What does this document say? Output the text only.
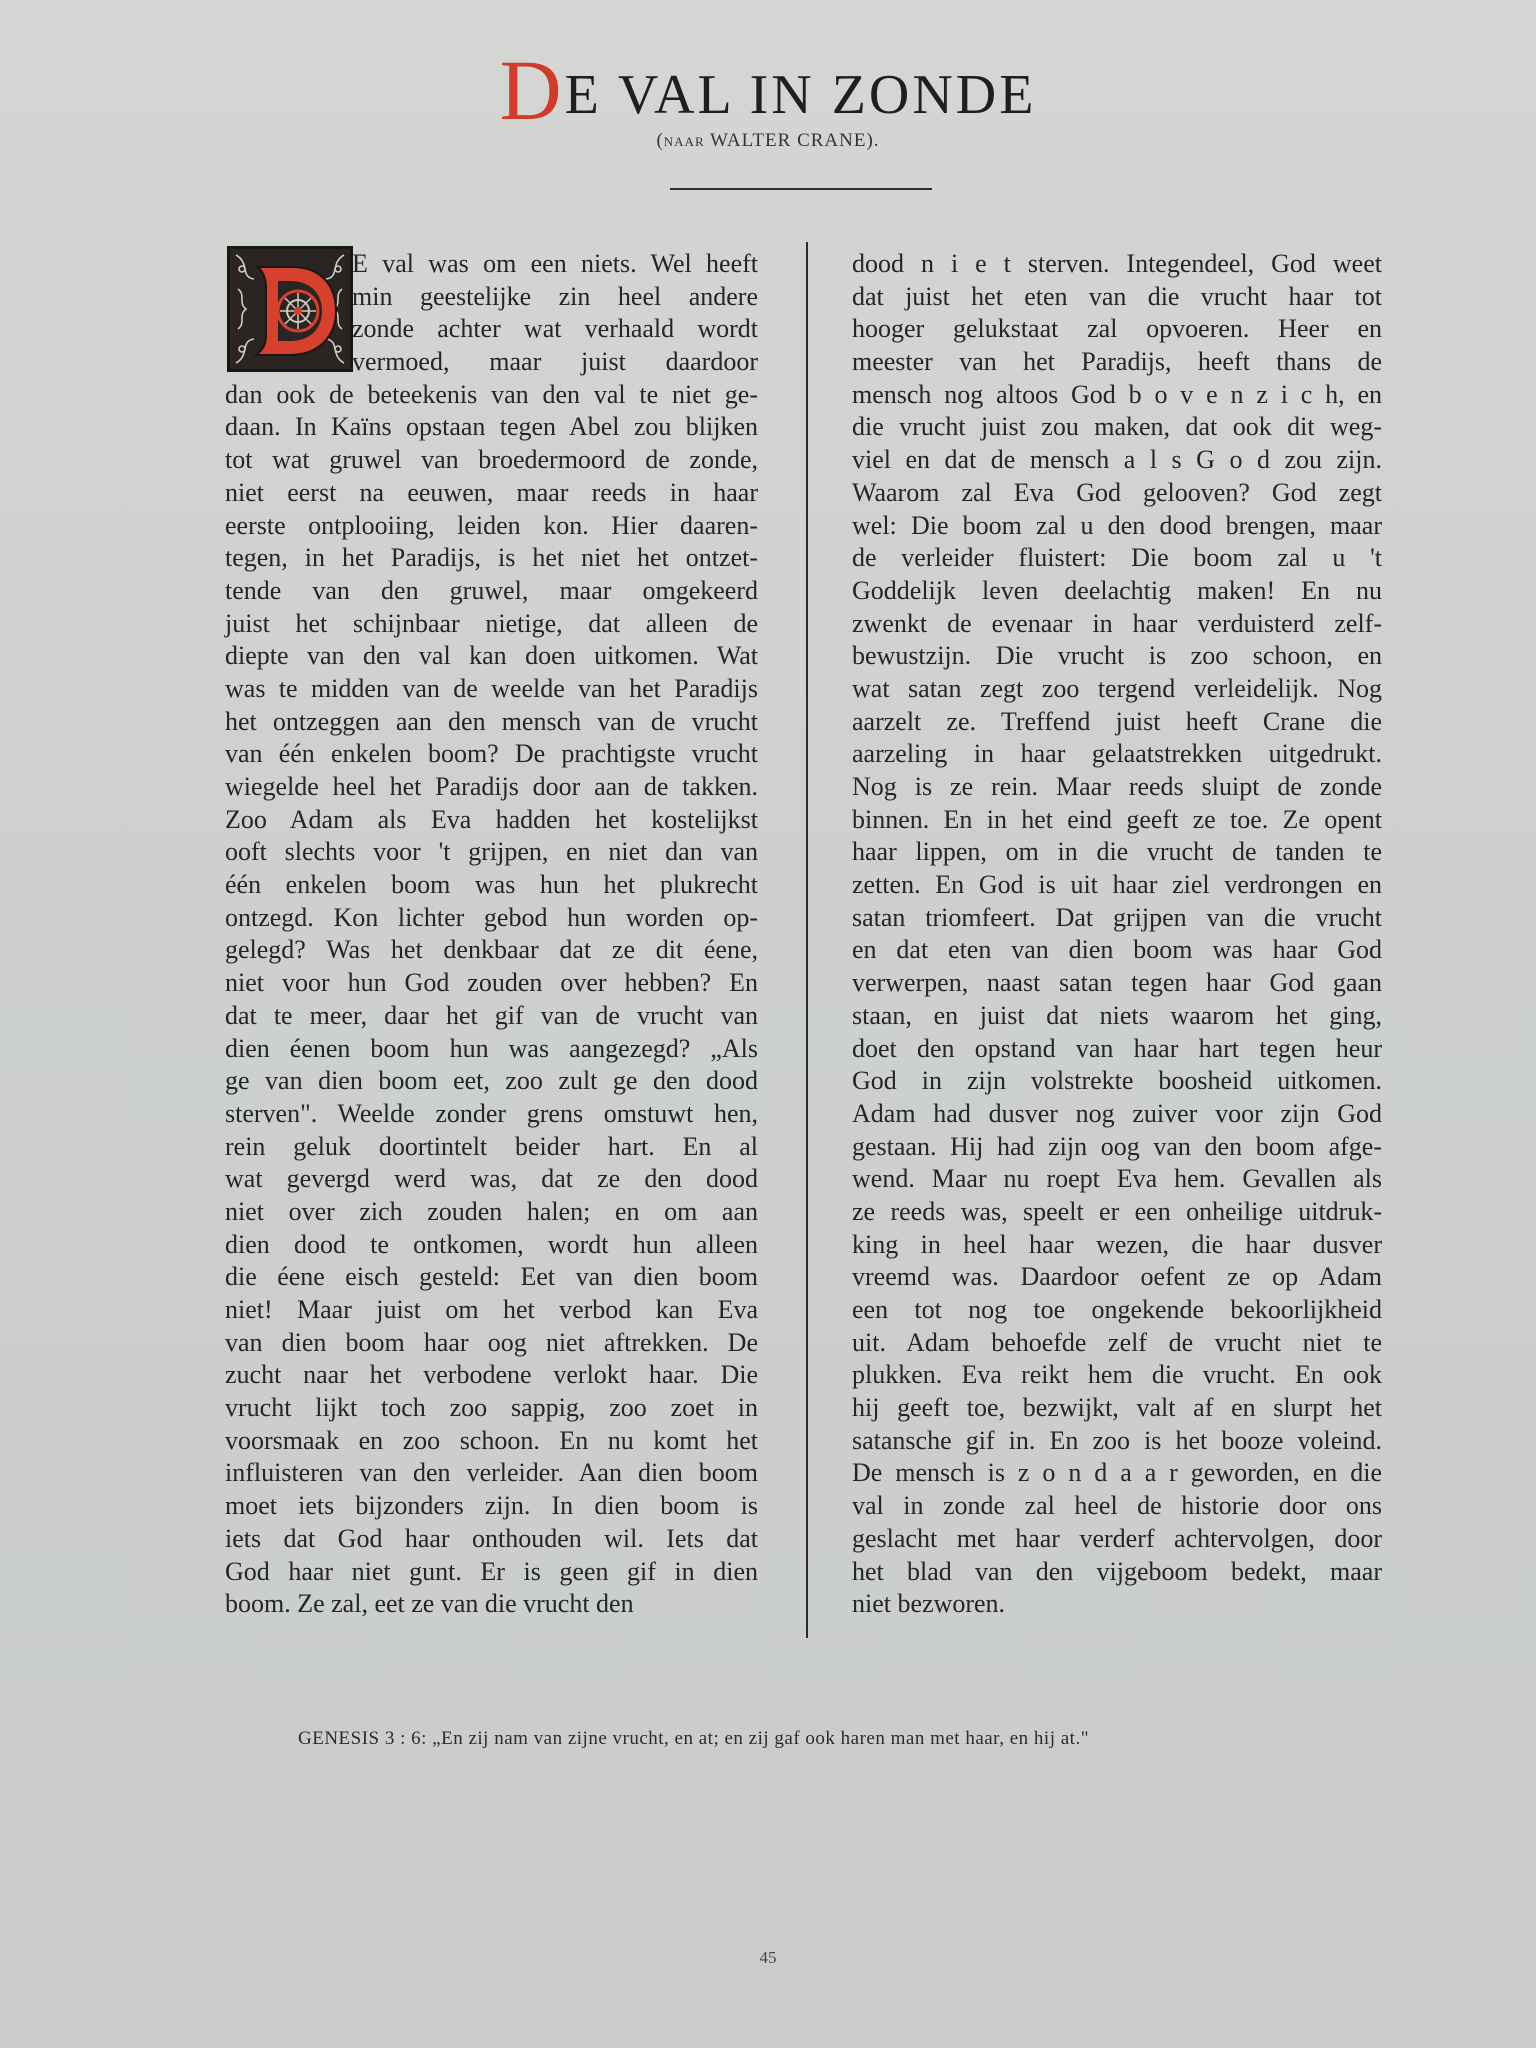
DE VAL IN ZONDE
(naar WALTER CRANE).
E val was om een niets. Wel heeft
min geestelijke zin heel andere
zonde achter wat verhaald wordt
vermoed, maar juist daardoor
dan ook de beteekenis van den val te niet ge-
daan. In Kaïns opstaan tegen Abel zou blijken
tot wat gruwel van broedermoord de zonde,
niet eerst na eeuwen, maar reeds in haar
eerste ontplooiing, leiden kon. Hier daaren-
tegen, in het Paradijs, is het niet het ontzet-
tende van den gruwel, maar omgekeerd
juist het schijnbaar nietige, dat alleen de
diepte van den val kan doen uitkomen. Wat
was te midden van de weelde van het Paradijs
het ontzeggen aan den mensch van de vrucht
van één enkelen boom? De prachtigste vrucht
wiegelde heel het Paradijs door aan de takken.
Zoo Adam als Eva hadden het kostelijkst
ooft slechts voor 't grijpen, en niet dan van
één enkelen boom was hun het plukrecht
ontzegd. Kon lichter gebod hun worden op-
gelegd? Was het denkbaar dat ze dit éene,
niet voor hun God zouden over hebben? En
dat te meer, daar het gif van de vrucht van
dien éenen boom hun was aangezegd? „Als
ge van dien boom eet, zoo zult ge den dood
sterven". Weelde zonder grens omstuwt hen,
rein geluk doortintelt beider hart. En al
wat gevergd werd was, dat ze den dood
niet over zich zouden halen; en om aan
dien dood te ontkomen, wordt hun alleen
die éene eisch gesteld: Eet van dien boom
niet! Maar juist om het verbod kan Eva
van dien boom haar oog niet aftrekken. De
zucht naar het verbodene verlokt haar. Die
vrucht lijkt toch zoo sappig, zoo zoet in
voorsmaak en zoo schoon. En nu komt het
influisteren van den verleider. Aan dien boom
moet iets bijzonders zijn. In dien boom is
iets dat God haar onthouden wil. Iets dat
God haar niet gunt. Er is geen gif in dien
boom. Ze zal, eet ze van die vrucht den
dood n i e t sterven. Integendeel, God weet
dat juist het eten van die vrucht haar tot
hooger gelukstaat zal opvoeren. Heer en
meester van het Paradijs, heeft thans de
mensch nog altoos God b o v e n z i c h, en
die vrucht juist zou maken, dat ook dit weg-
viel en dat de mensch a l s G o d zou zijn.
Waarom zal Eva God gelooven? God zegt
wel: Die boom zal u den dood brengen, maar
de verleider fluistert: Die boom zal u 't
Goddelijk leven deelachtig maken! En nu
zwenkt de evenaar in haar verduisterd zelf-
bewustzijn. Die vrucht is zoo schoon, en
wat satan zegt zoo tergend verleidelijk. Nog
aarzelt ze. Treffend juist heeft Crane die
aarzeling in haar gelaatstrekken uitgedrukt.
Nog is ze rein. Maar reeds sluipt de zonde
binnen. En in het eind geeft ze toe. Ze opent
haar lippen, om in die vrucht de tanden te
zetten. En God is uit haar ziel verdrongen en
satan triomfeert. Dat grijpen van die vrucht
en dat eten van dien boom was haar God
verwerpen, naast satan tegen haar God gaan
staan, en juist dat niets waarom het ging,
doet den opstand van haar hart tegen heur
God in zijn volstrekte boosheid uitkomen.
Adam had dusver nog zuiver voor zijn God
gestaan. Hij had zijn oog van den boom afge-
wend. Maar nu roept Eva hem. Gevallen als
ze reeds was, speelt er een onheilige uitdruk-
king in heel haar wezen, die haar dusver
vreemd was. Daardoor oefent ze op Adam
een tot nog toe ongekende bekoorlijkheid
uit. Adam behoefde zelf de vrucht niet te
plukken. Eva reikt hem die vrucht. En ook
hij geeft toe, bezwijkt, valt af en slurpt het
satansche gif in. En zoo is het booze voleind.
De mensch is z o n d a a r geworden, en die
val in zonde zal heel de historie door ons
geslacht met haar verderf achtervolgen, door
het blad van den vijgeboom bedekt, maar
niet bezworen.
GENESIS 3 : 6: „En zij nam van zijne vrucht, en at; en zij gaf ook haren man met haar, en hij at."
45
